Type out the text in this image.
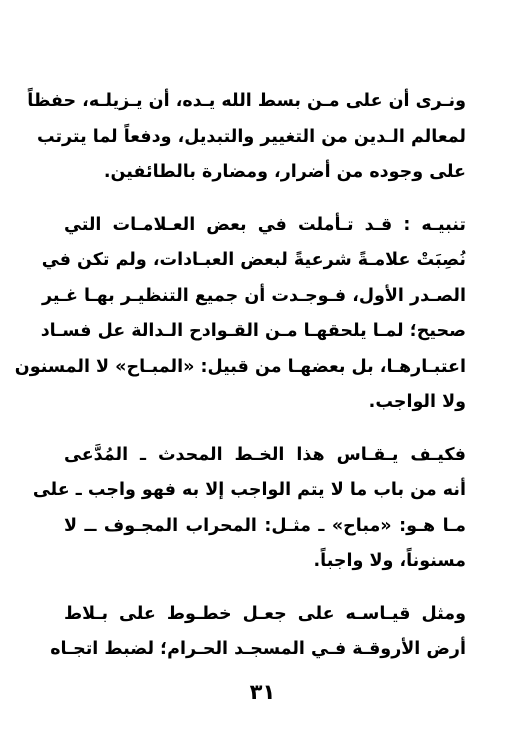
ونـرى أن على مـن بسط الله يـده، أن يـزيلـه، حفظاً
لمعالم الـدين من التغيير والتبديل، ودفعاً لما يترتب
على وجوده من أضرار، ومضارة بالطائفين.

تنبيـه : قـد تـأملت في بعض العـلامـات التي
نُصِبَتْ علامـةً شرعيةً لبعض العبـادات، ولم تكن في
الصـدر الأول، فـوجـدت أن جميع التنظيـر بهـا غـير
صحيح؛ لمـا يلحقهـا مـن القـوادح الـدالة عل فسـاد
اعتبـارهـا، بل بعضهـا من قبيل: «المبـاح» لا المسنون
ولا الواجب.

فكيـف يـقـاس هذا الخـط المحدث ـ المُدَّعى
أنه من باب ما لا يتم الواجب إلا به فهو واجب ـ على
مـا هـو: «مباح» ـ مثـل: المحراب المجـوف ــ لا
مسنوناً، ولا واجباً.

ومثل قيـاسـه على جعـل خطـوط على بـلاط
أرض الأروقـة فـي المسجـد الحـرام؛ لضبط اتجـاه

٣١
